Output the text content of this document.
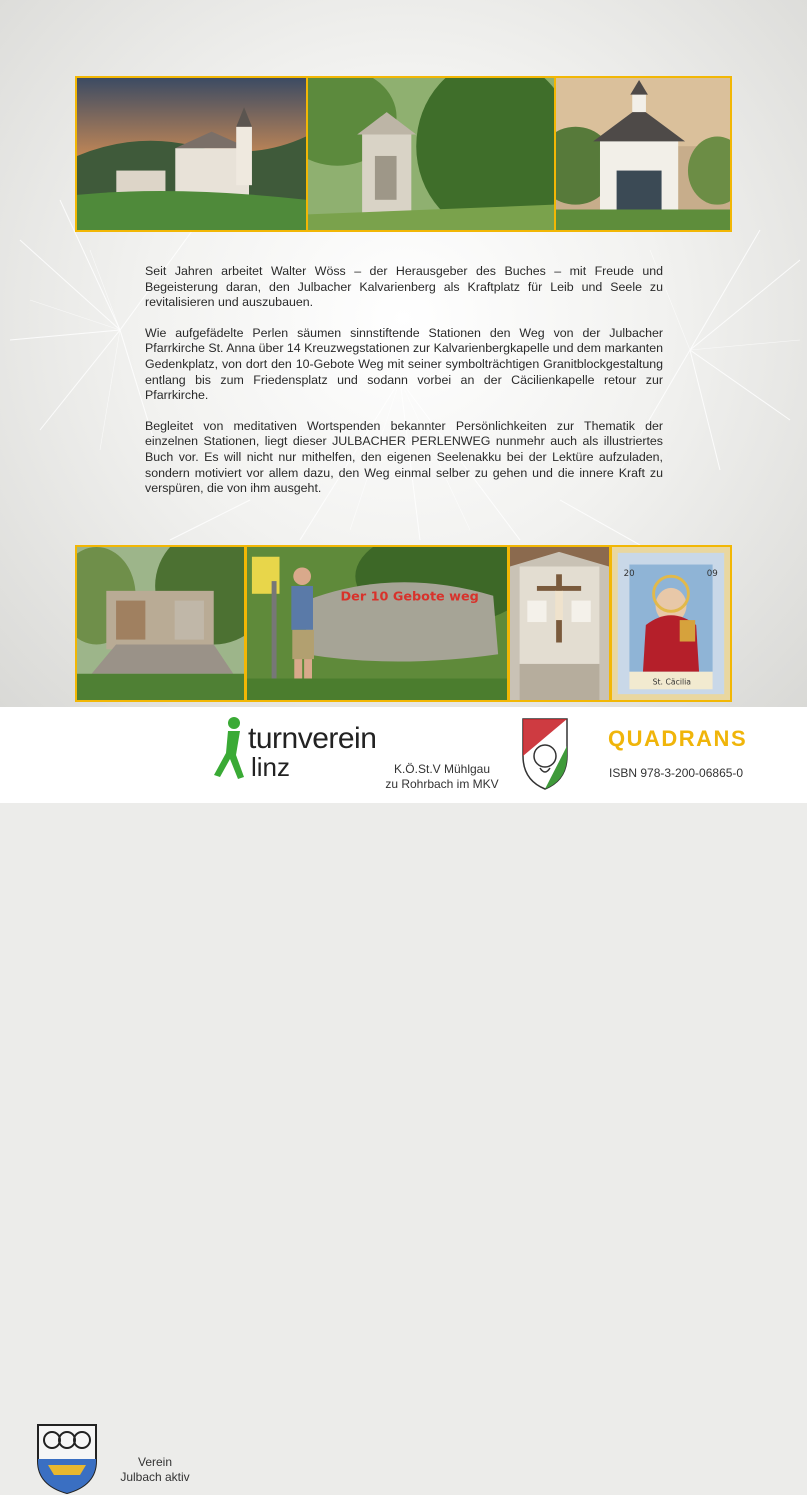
Seit Jahren arbeitet Walter Wöss – der Herausgeber des Buches – mit Freude und Begeisterung daran, den Julbacher Kalvarienberg als Kraftplatz für Leib und Seele zu revitalisieren und auszubauen.

Wie aufgefädelte Perlen säumen sinnstiftende Stationen den Weg von der Julbacher Pfarrkirche St. Anna über 14 Kreuzwegstationen zur Kalvarienbergkapelle und dem markanten Gedenkplatz, von dort den 10-Gebote Weg mit seiner symbolträchtigen Granitblockgestaltung entlang bis zum Friedensplatz und sodann vorbei an der Cäcilienkapelle retour zur Pfarrkirche.

Begleitet von meditativen Wortspenden bekannter Persönlichkeiten zur Thematik der einzelnen Stationen, liegt dieser JULBACHER PERLENWEG nunmehr auch als illustriertes Buch vor. Es will nicht nur mithelfen, den eigenen Seelenakku bei der Lektüre aufzuladen, sondern motiviert vor allem dazu, den Weg einmal selber zu gehen und die innere Kraft zu verspüren, die von ihm ausgeht.

Der 10 Gebote weg
20	09
St. Cäcilia
Verein
Julbach aktiv
turnverein
linz	K.Ö.St.V Mühlgau
zu Rohrbach im MKV
QUADRANS
ISBN 978-3-200-06865-0
